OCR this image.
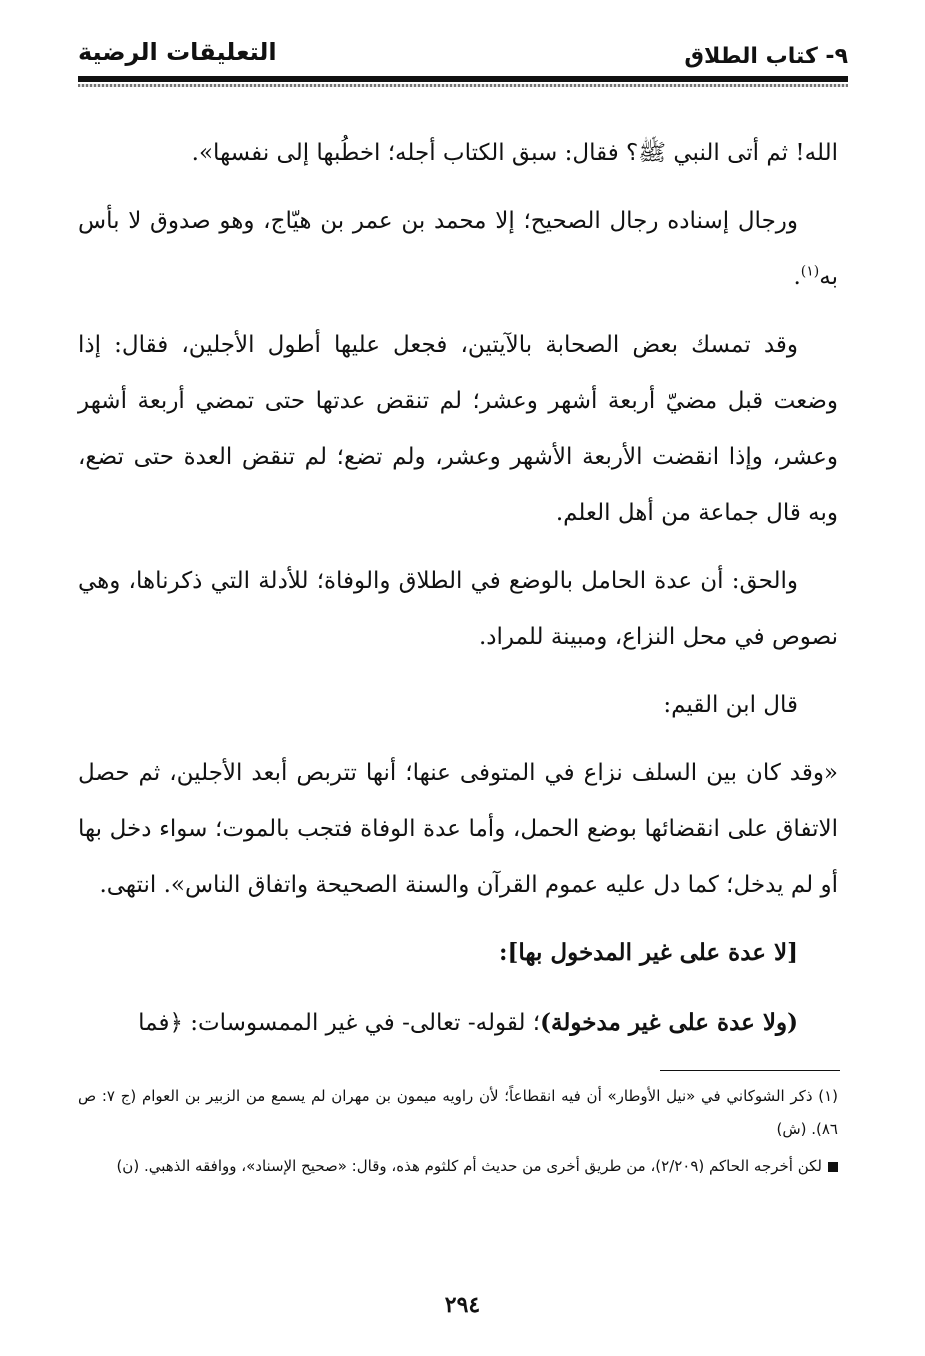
٩- كتاب الطلاق
التعليقات الرضية

الله! ثم أتى النبي ﷺ؟ فقال: سبق الكتاب أجله؛ اخطُبها إلى نفسها».

ورجال إسناده رجال الصحيح؛ إلا محمد بن عمر بن هيّاج، وهو صدوق لا بأس به$^{(١)}$.

وقد تمسك بعض الصحابة بالآيتين، فجعل عليها أطول الأجلين، فقال: إذا وضعت قبل مضيّ أربعة أشهر وعشر؛ لم تنقض عدتها حتى تمضي أربعة أشهر وعشر، وإذا انقضت الأربعة الأشهر وعشر، ولم تضع؛ لم تنقض العدة حتى تضع، وبه قال جماعة من أهل العلم.

والحق: أن عدة الحامل بالوضع في الطلاق والوفاة؛ للأدلة التي ذكرناها، وهي نصوص في محل النزاع، ومبينة للمراد.

قال ابن القيم:

«وقد كان بين السلف نزاع في المتوفى عنها؛ أنها تتربص أبعد الأجلين، ثم حصل الاتفاق على انقضائها بوضع الحمل، وأما عدة الوفاة فتجب بالموت؛ سواء دخل بها أو لم يدخل؛ كما دل عليه عموم القرآن والسنة الصحيحة واتفاق الناس». انتهى.

[لا عدة على غير المدخول بها]:

(ولا عدة على غير مدخولة)؛ لقوله- تعالى- في غير الممسوسات: ﴿فما

(١) ذكر الشوكاني في «نيل الأوطار» أن فيه انقطاعاً؛ لأن راويه ميمون بن مهران لم يسمع من الزبير بن العوام (ج ٧: ص ٨٦). (ش)

لكن أخرجه الحاكم (٢/٢٠٩)، من طريق أخرى من حديث أم كلثوم هذه، وقال: «صحيح الإسناد»، ووافقه الذهبي. (ن)

٢٩٤
